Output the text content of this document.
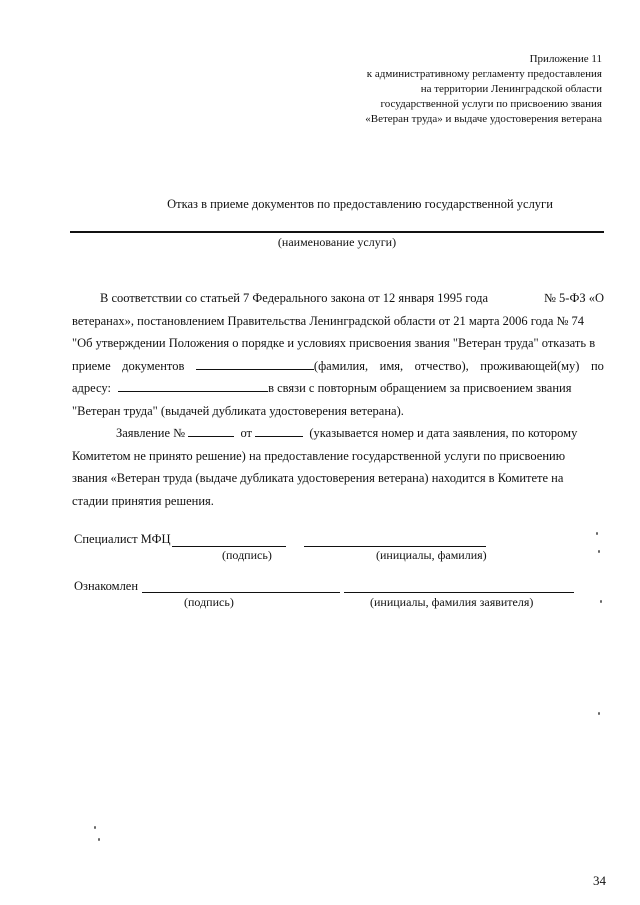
Приложение 11
к административному регламенту предоставления
на территории Ленинградской области
государственной услуги по присвоению звания
«Ветеран труда» и выдаче удостоверения ветерана
Отказ в приеме документов по предоставлению государственной услуги
(наименование услуги)
В соответствии со статьей 7 Федерального закона от 12 января 1995 года	№ 5-ФЗ «О
ветеранах», постановлением Правительства Ленинградской области от 21 марта 2006 года № 74
"Об утверждении Положения о порядке и условиях присвоения звания "Ветеран труда" отказать в
приеме документов	(фамилия, имя, отчество), проживающей(му) по
адресу:	в связи с повторным обращением за присвоением звания
"Ветеран труда" (выдачей дубликата удостоверения ветерана).
Заявление №	от	(указывается номер и дата заявления, по которому
Комитетом не принято решение) на предоставление государственной услуги по присвоению
звания «Ветеран труда (выдаче дубликата удостоверения ветерана) находится в Комитете на
стадии принятия решения.
Специалист МФЦ
(подпись)	(инициалы, фамилия)
Ознакомлен
(подпись)	(инициалы, фамилия заявителя)
34
